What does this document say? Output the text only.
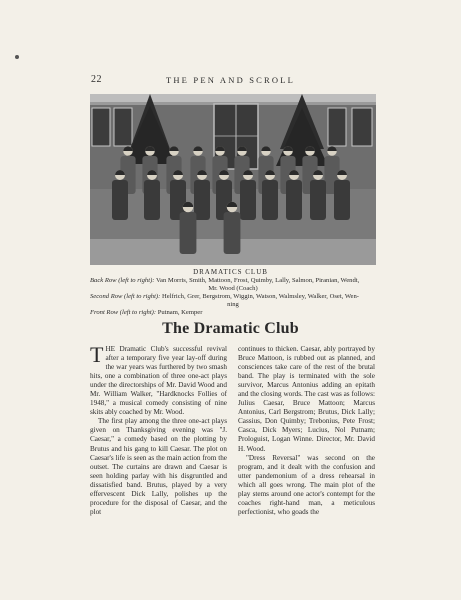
22	THE PEN AND SCROLL
DRAMATICS CLUB
Back Row (left to right): Van Morris, Smith, Mattoon, Frost, Quimby, Lally, Salmon, Piranian, Wendt,
Mr. Wood (Coach)
Second Row (left to right): Helfrich, Grer, Bergstrom, Wiggin, Watson, Walmsley, Walker, Oset, Wen-
ning
Front Row (left to right): Putnam, Kemper
The Dramatic Club

THE Dramatic Club's successful revival after a temporary five year lay-off during the war years was furthered by two smash hits, one a combination of three one-act plays under the directorships of Mr. David Wood and Mr. William Walker, "Hardknocks Follies of 1948," a musical comedy consisting of nine skits ably coached by Mr. Wood.

The first play among the three one-act plays given on Thanksgiving evening was "J. Caesar," a comedy based on the plotting by Brutus and his gang to kill Caesar. The plot on Caesar's life is seen as the main action from the outset. The curtains are drawn and Caesar is seen holding parlay with his disgruntled and dissatisfied band. Brutus, played by a very effervescent Dick Lally, polishes up the procedure for the disposal of Caesar, and the plot

continues to thicken. Caesar, ably portrayed by Bruce Mattoon, is rubbed out as planned, and consciences take care of the rest of the brutal band. The play is terminated with the sole survivor, Marcus Antonius adding an epitath and the closing words. The cast was as follows: Julius Caesar, Bruce Mattoon; Marcus Antonius, Carl Bergstrom; Brutus, Dick Lally; Cassius, Don Quimby; Trebonius, Pete Frost; Casca, Dick Myers; Lucius, Nol Putnam; Prologuist, Logan Winne. Director, Mr. David H. Wood.

"Dress Reversal" was second on the program, and it dealt with the confusion and utter pandemonium of a dress rehearsal in which all goes wrong. The main plot of the play stems around one actor's contempt for the coaches right-hand man, a meticulous perfectionist, who goads the
